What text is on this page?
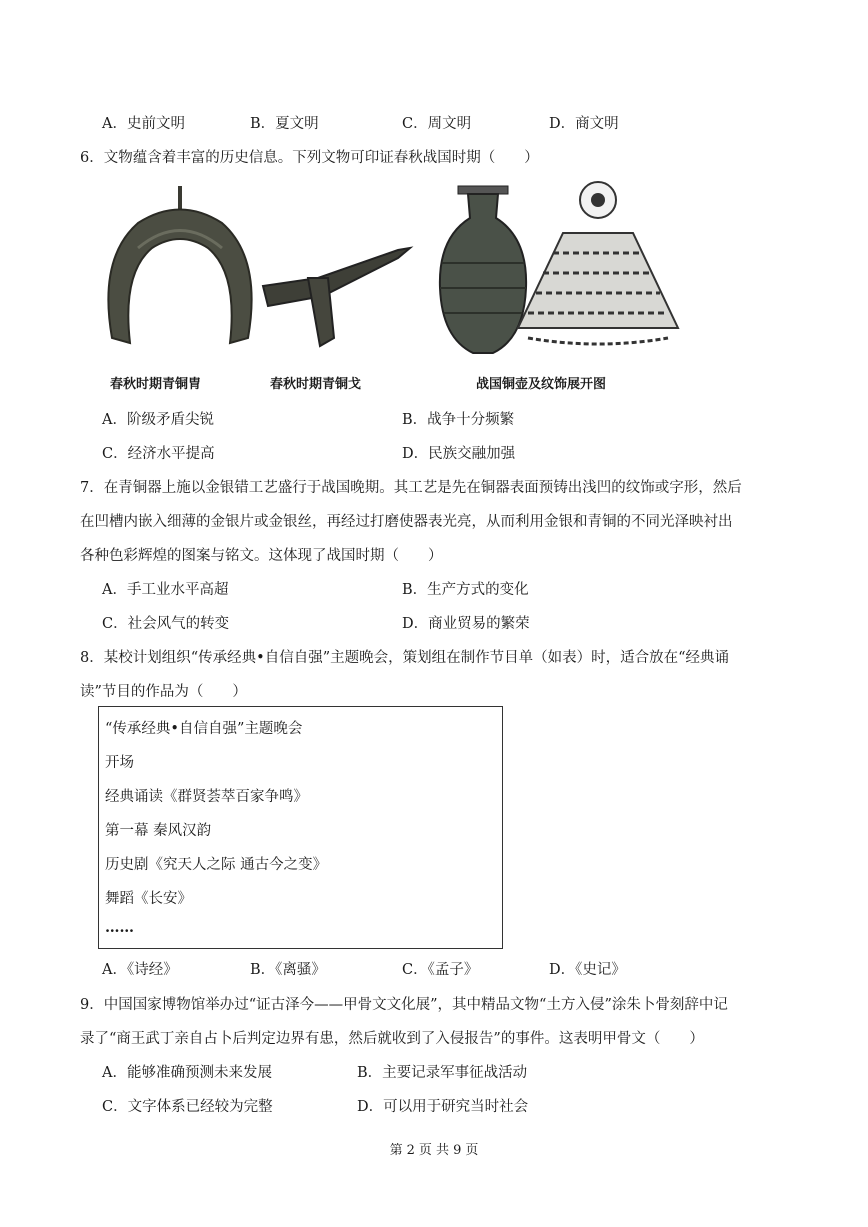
A．史前文明	B．夏文明	C．周文明	D．商文明
6．文物蕴含着丰富的历史信息。下列文物可印证春秋战国时期（　　）
春秋时期青铜胄	春秋时期青铜戈	战国铜壶及纹饰展开图
A．阶级矛盾尖锐	B．战争十分频繁
C．经济水平提高	D．民族交融加强
7．在青铜器上施以金银错工艺盛行于战国晚期。其工艺是先在铜器表面预铸出浅凹的纹饰或字形，然后
在凹槽内嵌入细薄的金银片或金银丝，再经过打磨使器表光亮，从而利用金银和青铜的不同光泽映衬出
各种色彩辉煌的图案与铭文。这体现了战国时期（　　）
A．手工业水平高超	B．生产方式的变化
C．社会风气的转变	D．商业贸易的繁荣
8．某校计划组织“传承经典•自信自强”主题晚会，策划组在制作节目单（如表）时，适合放在“经典诵
读”节目的作品为（　　）
“传承经典•自信自强”主题晚会
开场
经典诵读《群贤荟萃百家争鸣》
第一幕 秦风汉韵
历史剧《究天人之际 通古今之变》
舞蹈《长安》
……
A．《诗经》	B．《离骚》	C．《孟子》	D．《史记》
9．中国国家博物馆举办过“证古泽今——甲骨文文化展”，其中精品文物“土方入侵”涂朱卜骨刻辞中记
录了“商王武丁亲自占卜后判定边界有患，然后就收到了入侵报告”的事件。这表明甲骨文（　　）
A．能够准确预测未来发展	B．主要记录军事征战活动
C．文字体系已经较为完整	D．可以用于研究当时社会
第 2 页 共 9 页
